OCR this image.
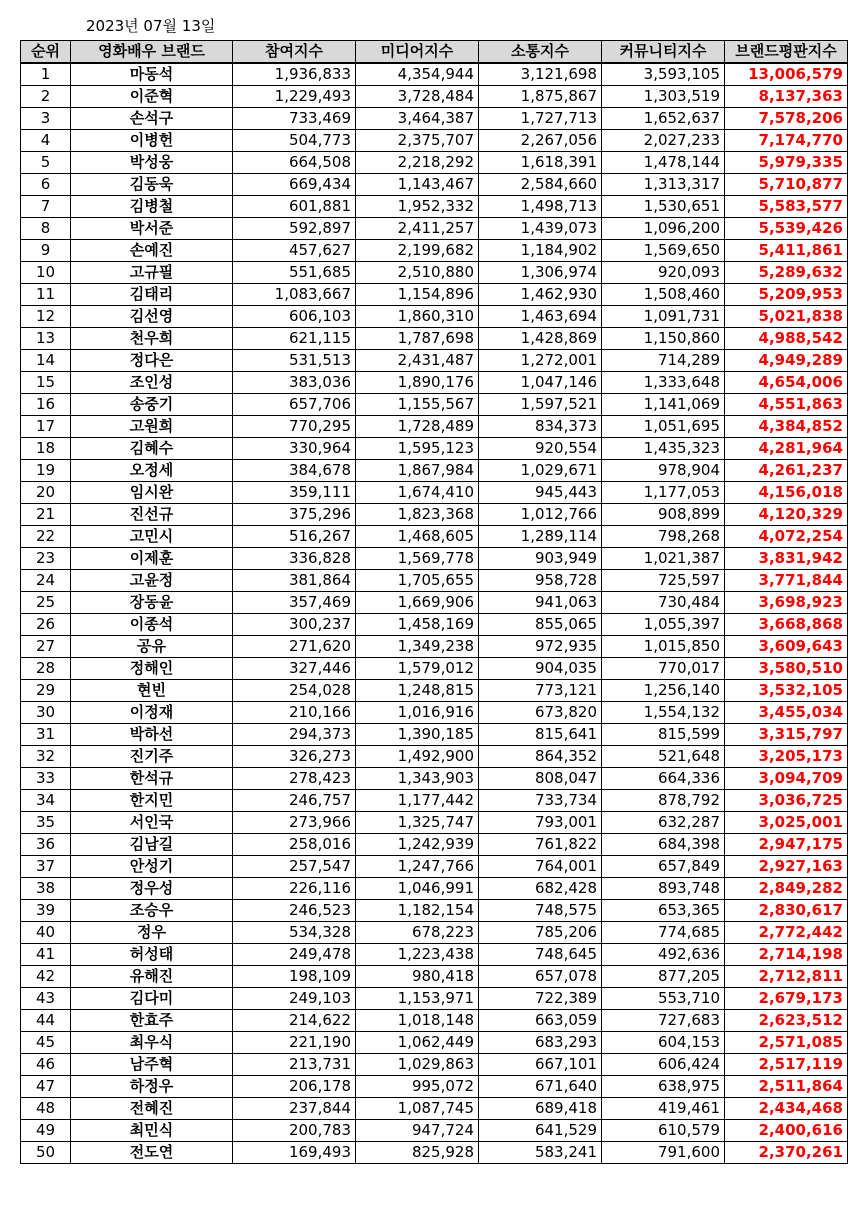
2023년 07월 13일
순위	영화배우 브랜드	참여지수	미디어지수	소통지수	커뮤니티지수	브랜드평판지수
1	마동석	1,936,833	4,354,944	3,121,698	3,593,105	13,006,579
2	이준혁	1,229,493	3,728,484	1,875,867	1,303,519	8,137,363
3	손석구	733,469	3,464,387	1,727,713	1,652,637	7,578,206
4	이병헌	504,773	2,375,707	2,267,056	2,027,233	7,174,770
5	박성웅	664,508	2,218,292	1,618,391	1,478,144	5,979,335
6	김동욱	669,434	1,143,467	2,584,660	1,313,317	5,710,877
7	김병철	601,881	1,952,332	1,498,713	1,530,651	5,583,577
8	박서준	592,897	2,411,257	1,439,073	1,096,200	5,539,426
9	손예진	457,627	2,199,682	1,184,902	1,569,650	5,411,861
10	고규필	551,685	2,510,880	1,306,974	920,093	5,289,632
11	김태리	1,083,667	1,154,896	1,462,930	1,508,460	5,209,953
12	김선영	606,103	1,860,310	1,463,694	1,091,731	5,021,838
13	천우희	621,115	1,787,698	1,428,869	1,150,860	4,988,542
14	정다은	531,513	2,431,487	1,272,001	714,289	4,949,289
15	조인성	383,036	1,890,176	1,047,146	1,333,648	4,654,006
16	송중기	657,706	1,155,567	1,597,521	1,141,069	4,551,863
17	고원희	770,295	1,728,489	834,373	1,051,695	4,384,852
18	김혜수	330,964	1,595,123	920,554	1,435,323	4,281,964
19	오정세	384,678	1,867,984	1,029,671	978,904	4,261,237
20	임시완	359,111	1,674,410	945,443	1,177,053	4,156,018
21	진선규	375,296	1,823,368	1,012,766	908,899	4,120,329
22	고민시	516,267	1,468,605	1,289,114	798,268	4,072,254
23	이제훈	336,828	1,569,778	903,949	1,021,387	3,831,942
24	고윤정	381,864	1,705,655	958,728	725,597	3,771,844
25	장동윤	357,469	1,669,906	941,063	730,484	3,698,923
26	이종석	300,237	1,458,169	855,065	1,055,397	3,668,868
27	공유	271,620	1,349,238	972,935	1,015,850	3,609,643
28	정해인	327,446	1,579,012	904,035	770,017	3,580,510
29	현빈	254,028	1,248,815	773,121	1,256,140	3,532,105
30	이정재	210,166	1,016,916	673,820	1,554,132	3,455,034
31	박하선	294,373	1,390,185	815,641	815,599	3,315,797
32	진기주	326,273	1,492,900	864,352	521,648	3,205,173
33	한석규	278,423	1,343,903	808,047	664,336	3,094,709
34	한지민	246,757	1,177,442	733,734	878,792	3,036,725
35	서인국	273,966	1,325,747	793,001	632,287	3,025,001
36	김남길	258,016	1,242,939	761,822	684,398	2,947,175
37	안성기	257,547	1,247,766	764,001	657,849	2,927,163
38	정우성	226,116	1,046,991	682,428	893,748	2,849,282
39	조승우	246,523	1,182,154	748,575	653,365	2,830,617
40	정우	534,328	678,223	785,206	774,685	2,772,442
41	허성태	249,478	1,223,438	748,645	492,636	2,714,198
42	유해진	198,109	980,418	657,078	877,205	2,712,811
43	김다미	249,103	1,153,971	722,389	553,710	2,679,173
44	한효주	214,622	1,018,148	663,059	727,683	2,623,512
45	최우식	221,190	1,062,449	683,293	604,153	2,571,085
46	남주혁	213,731	1,029,863	667,101	606,424	2,517,119
47	하정우	206,178	995,072	671,640	638,975	2,511,864
48	전혜진	237,844	1,087,745	689,418	419,461	2,434,468
49	최민식	200,783	947,724	641,529	610,579	2,400,616
50	전도연	169,493	825,928	583,241	791,600	2,370,261
